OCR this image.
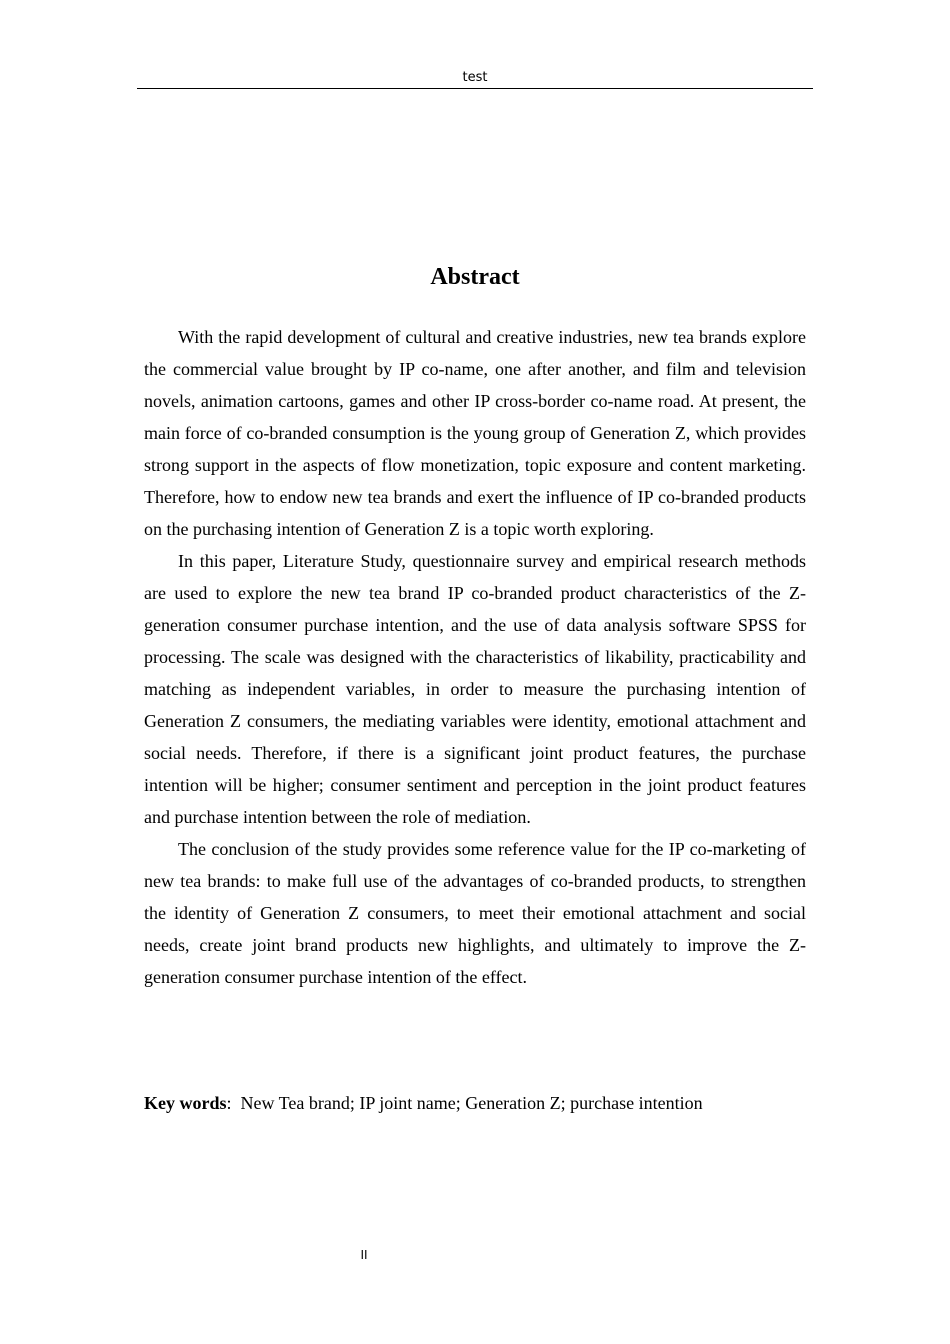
test
Abstract

With the rapid development of cultural and creative industries, new tea brands explore the commercial value brought by IP co-name, one after another, and film and television novels, animation cartoons, games and other IP cross-border co-name road. At present, the main force of co-branded consumption is the young group of Generation Z, which provides strong support in the aspects of flow monetization, topic exposure and content marketing. Therefore, how to endow new tea brands and exert the influence of IP co-branded products on the purchasing intention of Generation Z is a topic worth exploring.

In this paper, Literature Study, questionnaire survey and empirical research methods are used to explore the new tea brand IP co-branded product characteristics of the Z-generation consumer purchase intention, and the use of data analysis software SPSS for processing. The scale was designed with the characteristics of likability, practicability and matching as independent variables, in order to measure the purchasing intention of Generation Z consumers, the mediating variables were identity, emotional attachment and social needs. Therefore, if there is a significant joint product features, the purchase intention will be higher; consumer sentiment and perception in the joint product features and purchase intention between the role of mediation.

The conclusion of the study provides some reference value for the IP co-marketing of new tea brands: to make full use of the advantages of co-branded products, to strengthen the identity of Generation Z consumers, to meet their emotional attachment and social needs, create joint brand products new highlights, and ultimately to improve the Z-generation consumer purchase intention of the effect.

Key words: New Tea brand; IP joint name; Generation Z; purchase intention
II
